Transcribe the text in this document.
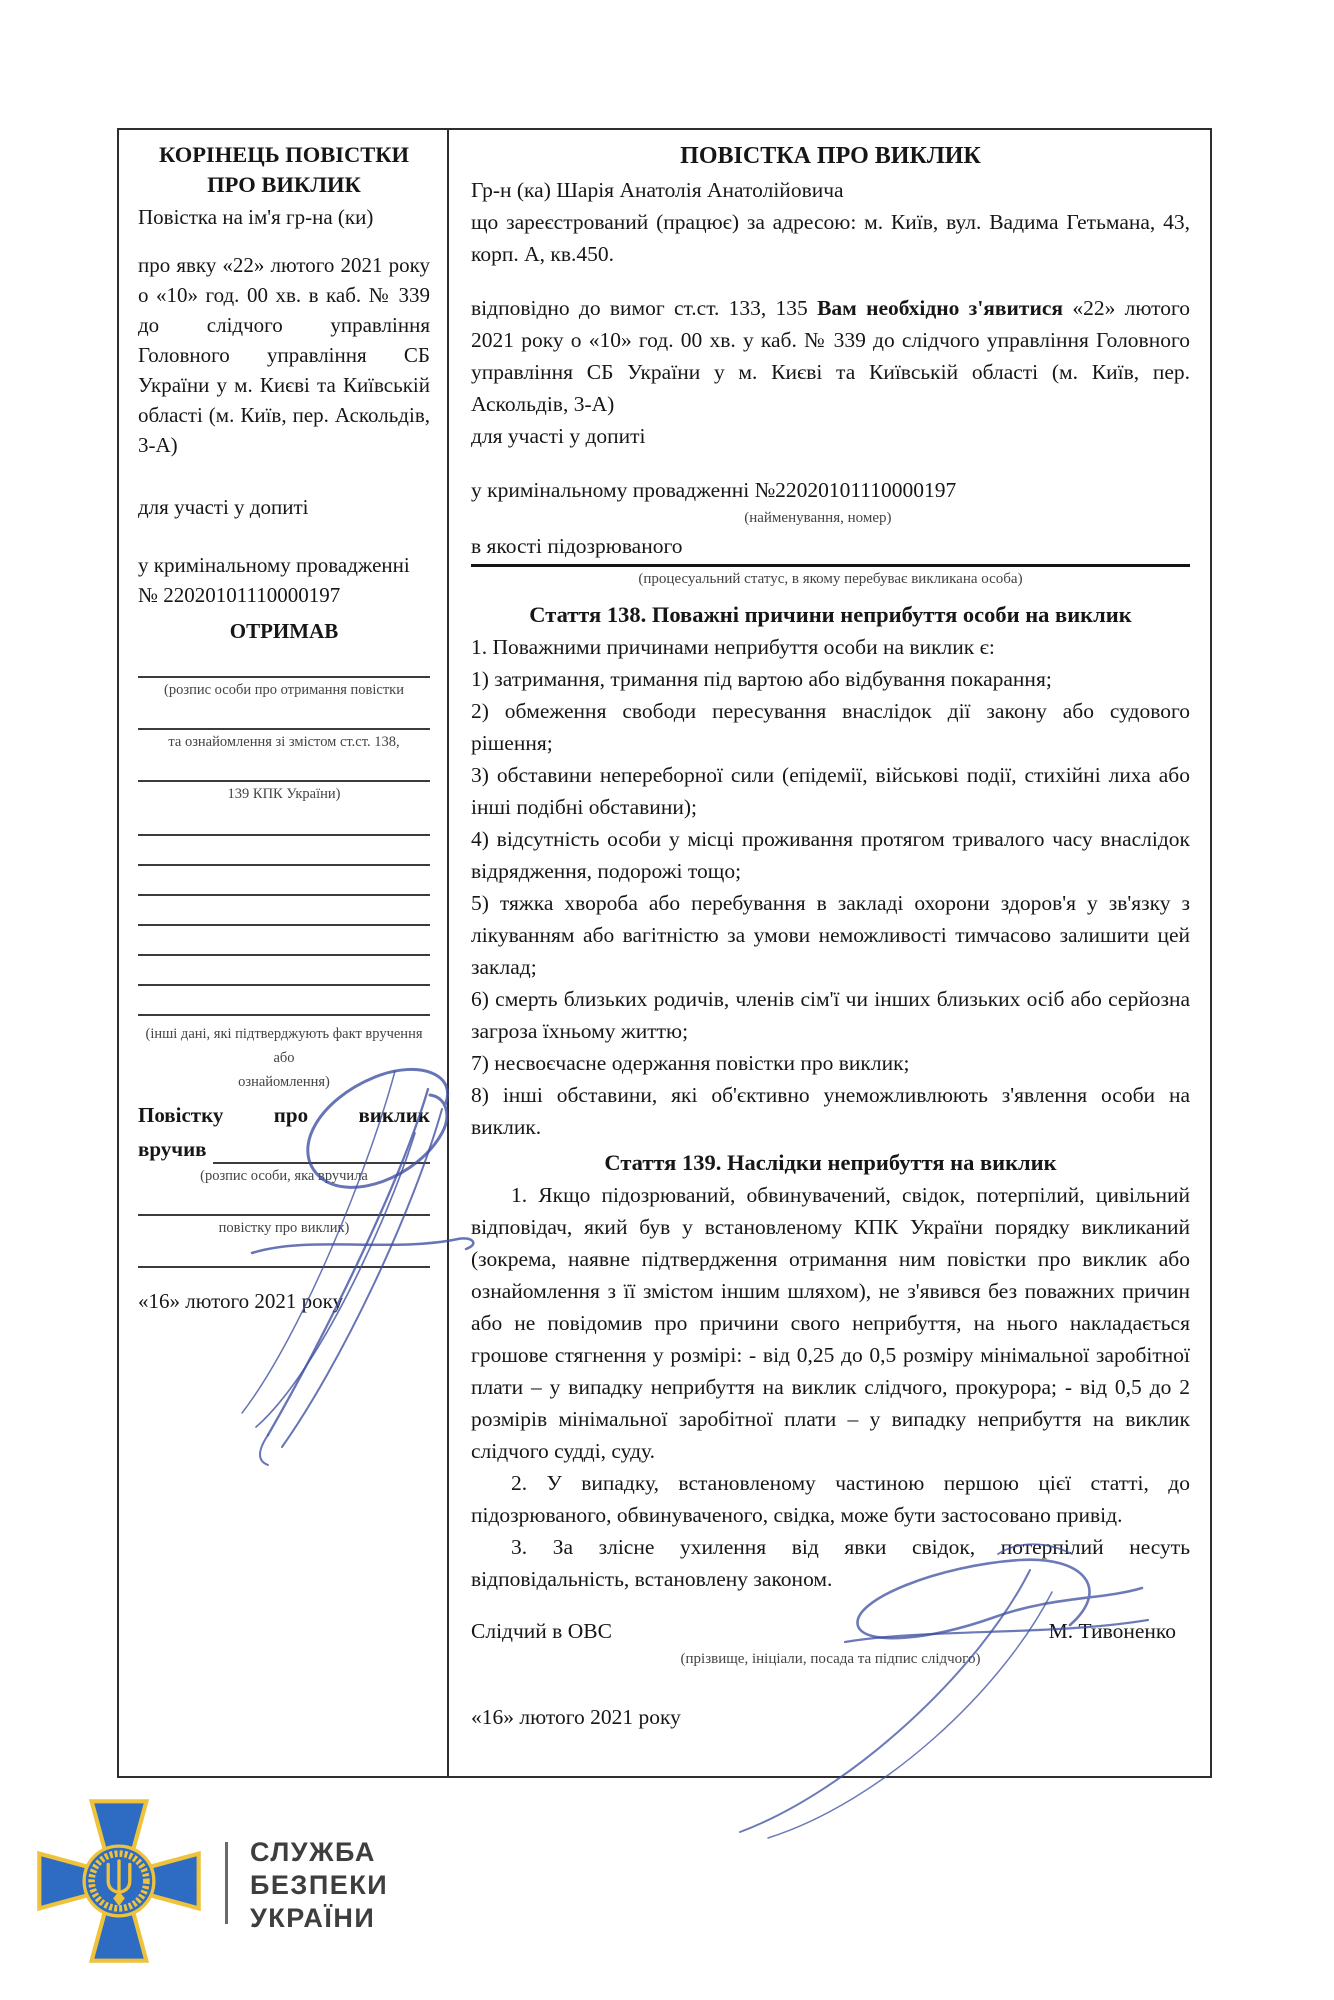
КОРІНЕЦЬ ПОВІСТКИ ПРО ВИКЛИК
Повістка на ім'я гр-на (ки)
про явку «22» лютого 2021 року о «10» год. 00 хв. в каб. № 339 до слідчого управління Головного управління СБ України у м. Києві та Київській області (м. Київ, пер. Аскольдів, 3-А)
для участі у допиті
у кримінальному провадженні № 22020101110000197
ОТРИМАВ
(розпис особи про отримання повістки
та ознайомлення зі змістом ст.ст. 138,
139 КПК України)
(інші дані, які підтверджують факт вручення або
ознайомлення)
Повістку про виклик
вручив
(розпис особи, яка вручила
повістку про виклик)
«16» лютого 2021 року
ПОВІСТКА ПРО ВИКЛИК
Гр-н (ка) Шарія Анатолія Анатолійовича
що зареєстрований (працює) за адресою: м. Київ, вул. Вадима Гетьмана, 43, корп. А, кв.450.
відповідно до вимог ст.ст. 133, 135 Вам необхідно з'явитися «22» лютого 2021 року о «10» год. 00 хв. у каб. № 339 до слідчого управління Головного управління СБ України у м. Києві та Київській області (м. Київ, пер. Аскольдів, 3-А)
для участі у допиті
у кримінальному провадженні №22020101110000197
(найменування, номер)
в якості підозрюваного
(процесуальний статус, в якому перебуває викликана особа)
Стаття 138. Поважні причини неприбуття особи на виклик
1. Поважними причинами неприбуття особи на виклик є:
1) затримання, тримання під вартою або відбування покарання;
2) обмеження свободи пересування внаслідок дії закону або судового рішення;
3) обставини непереборної сили (епідемії, військові події, стихійні лиха або інші подібні обставини);
4) відсутність особи у місці проживання протягом тривалого часу внаслідок відрядження, подорожі тощо;
5) тяжка хвороба або перебування в закладі охорони здоров'я у зв'язку з лікуванням або вагітністю за умови неможливості тимчасово залишити цей заклад;
6) смерть близьких родичів, членів сім'ї чи інших близьких осіб або серйозна загроза їхньому життю;
7) несвоєчасне одержання повістки про виклик;
8) інші обставини, які об'єктивно унеможливлюють з'явлення особи на виклик.
Стаття 139. Наслідки неприбуття на виклик
1. Якщо підозрюваний, обвинувачений, свідок, потерпілий, цивільний відповідач, який був у встановленому КПК України порядку викликаний (зокрема, наявне підтвердження отримання ним повістки про виклик або ознайомлення з її змістом іншим шляхом), не з'явився без поважних причин або не повідомив про причини свого неприбуття, на нього накладається грошове стягнення у розмірі: - від 0,25 до 0,5 розміру мінімальної заробітної плати – у випадку неприбуття на виклик слідчого, прокурора; - від 0,5 до 2 розмірів мінімальної заробітної плати – у випадку неприбуття на виклик слідчого судді, суду.
2. У випадку, встановленому частиною першою цієї статті, до підозрюваного, обвинуваченого, свідка, може бути застосовано привід.
3. За злісне ухилення від явки свідок, потерпілий несуть відповідальність, встановлену законом.
Слідчий в ОВС	М. Тивоненко
(прізвище, ініціали, посада та підпис слідчого)
«16» лютого 2021 року
СЛУЖБА
БЕЗПЕКИ
УКРАЇНИ
